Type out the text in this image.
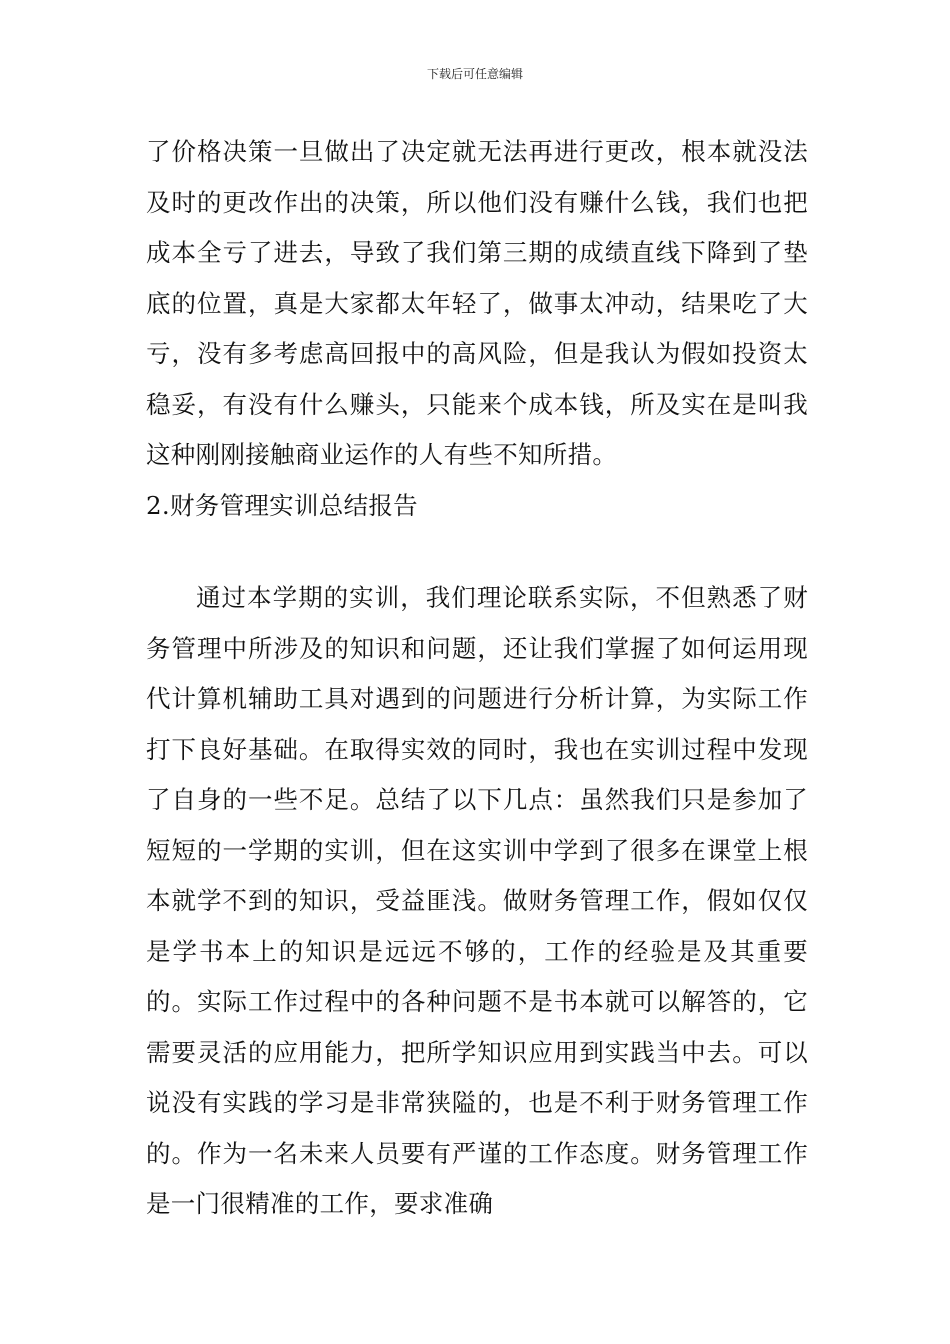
下载后可任意编辑

了价格决策一旦做出了决定就无法再进行更改，根本就没法及时的更改作出的决策，所以他们没有赚什么钱，我们也把成本全亏了进去，导致了我们第三期的成绩直线下降到了垫底的位置，真是大家都太年轻了，做事太冲动，结果吃了大亏，没有多考虑高回报中的高风险，但是我认为假如投资太稳妥，有没有什么赚头，只能来个成本钱，所及实在是叫我这种刚刚接触商业运作的人有些不知所措。

2.财务管理实训总结报告

通过本学期的实训，我们理论联系实际，不但熟悉了财务管理中所涉及的知识和问题，还让我们掌握了如何运用现代计算机辅助工具对遇到的问题进行分析计算，为实际工作打下良好基础。在取得实效的同时，我也在实训过程中发现了自身的一些不足。总结了以下几点：虽然我们只是参加了短短的一学期的实训，但在这实训中学到了很多在课堂上根本就学不到的知识，受益匪浅。做财务管理工作，假如仅仅是学书本上的知识是远远不够的，工作的经验是及其重要的。实际工作过程中的各种问题不是书本就可以解答的，它需要灵活的应用能力，把所学知识应用到实践当中去。可以说没有实践的学习是非常狭隘的，也是不利于财务管理工作的。作为一名未来人员要有严谨的工作态度。财务管理工作是一门很精准的工作，要求准确
